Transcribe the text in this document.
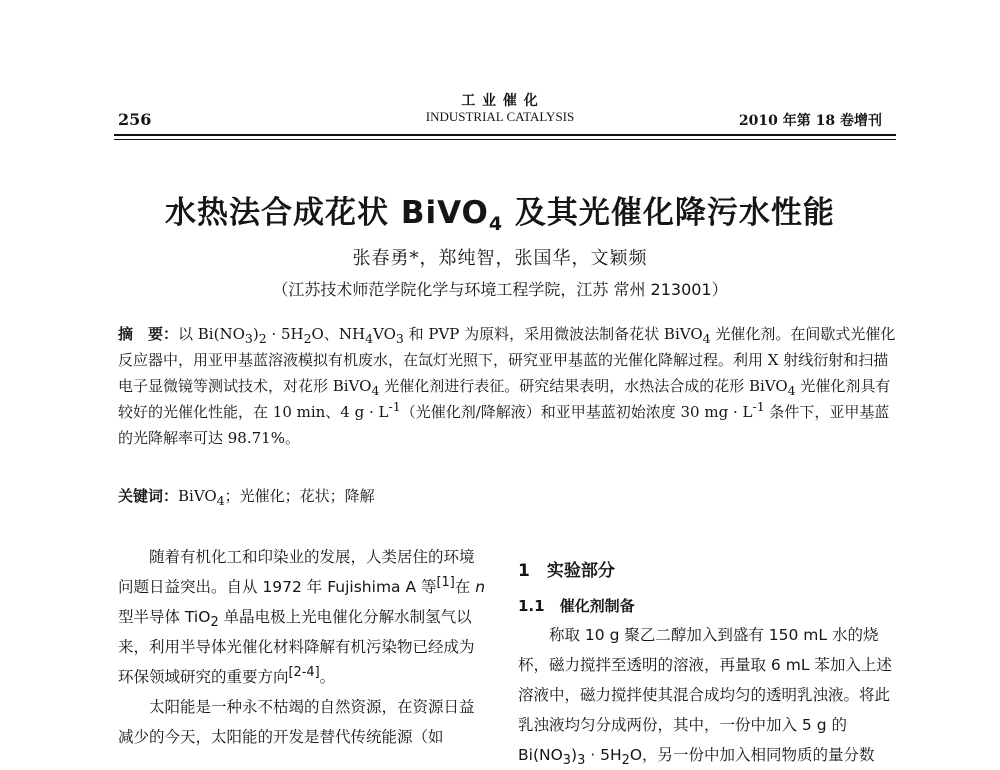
256
工 业 催 化
INDUSTRIAL CATALYSIS	2010 年第 18 卷增刊
水热法合成花状 BiVO$_4$ 及其光催化降污水性能
张春勇*，郑纯智，张国华，文颖频
（江苏技术师范学院化学与环境工程学院，江苏 常州 213001）
摘　要：以 $Bi(NO_3)_2 \cdot 5H_2O$、$NH_4VO_3$ 和 PVP 为原料，采用微波法制备花状 BiVO$_4$ 光催化剂。在间歇式光催化反应器中，用亚甲基蓝溶液模拟有机废水，在氙灯光照下，研究亚甲基蓝的光催化降解过程。利用 X 射线衍射和扫描电子显微镜等测试技术，对花形 BiVO$_4$ 光催化剂进行表征。研究结果表明，水热法合成的花形 BiVO$_4$ 光催化剂具有较好的光催化性能，在 10 min、4 $g \cdot L^{-1}$（光催化剂/降解液）和亚甲基蓝初始浓度 30 mg · $L^{-1}$ 条件下，亚甲基蓝的光降解率可达 98.71%。
关键词：BiVO$_4$；光催化；花状；降解

随着有机化工和印染业的发展，人类居住的环境问题日益突出。自从 1972 年 Fujishima A 等[1]在 n 型半导体 TiO$_2$ 单晶电极上光电催化分解水制氢气以来，利用半导体光催化材料降解有机污染物已经成为环保领域研究的重要方向[2-4]。

太阳能是一种永不枯竭的自然资源，在资源日益减少的今天，太阳能的开发是替代传统能源（如

1　实验部分
1.1　催化剂制备

称取 10 g 聚乙二醇加入到盛有 150 mL 水的烧杯，磁力搅拌至透明的溶液，再量取 6 mL 苯加入上述溶液中，磁力搅拌使其混合成均匀的透明乳浊液。将此乳浊液均匀分成两份，其中，一份中加入 5 g 的 $Bi(NO_3)_3 \cdot 5H_2O$，另一份中加入相同物质的量分数
